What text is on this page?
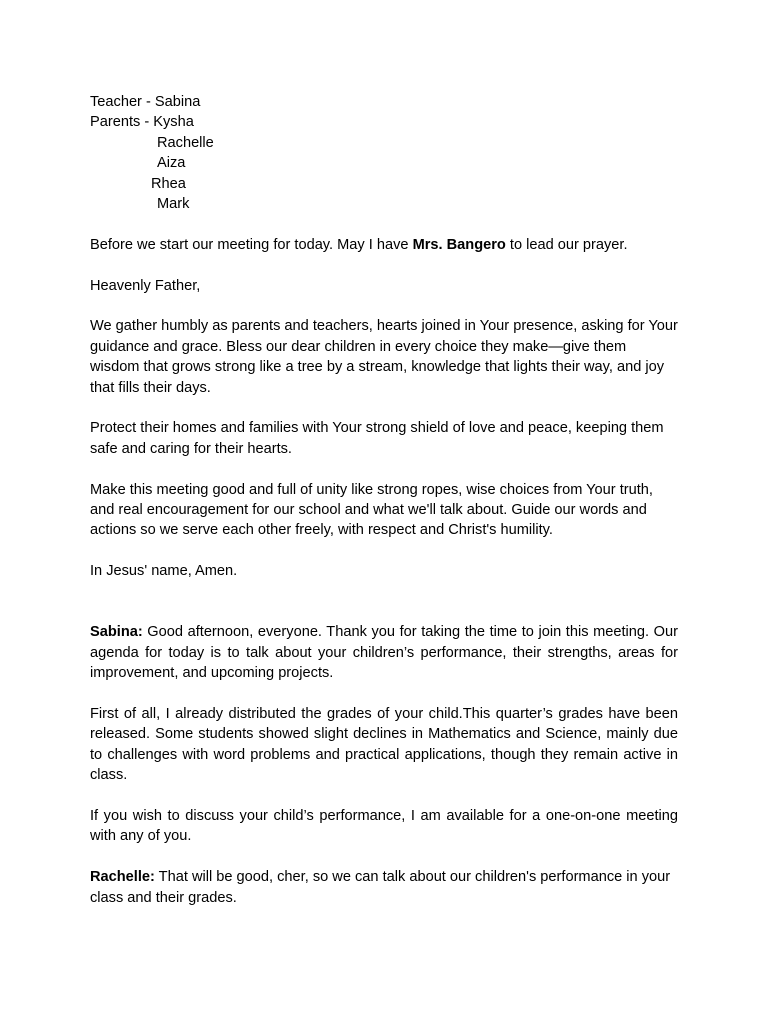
Teacher - Sabina
Parents - Kysha
Rachelle
Aiza
Rhea
Mark
Before we start our meeting for today. May I have Mrs. Bangero to lead our prayer.
Heavenly Father,
We gather humbly as parents and teachers, hearts joined in Your presence, asking for Your guidance and grace. Bless our dear children in every choice they make—give them wisdom that grows strong like a tree by a stream, knowledge that lights their way, and joy that fills their days.
Protect their homes and families with Your strong shield of love and peace, keeping them safe and caring for their hearts.
Make this meeting good and full of unity like strong ropes, wise choices from Your truth, and real encouragement for our school and what we'll talk about. Guide our words and actions so we serve each other freely, with respect and Christ's humility.
In Jesus' name, Amen.
Sabina: Good afternoon, everyone. Thank you for taking the time to join this meeting. Our agenda for today is to talk about your children’s performance, their strengths, areas for improvement, and upcoming projects.
First of all, I already distributed the grades of your child.This quarter’s grades have been released. Some students showed slight declines in Mathematics and Science, mainly due to challenges with word problems and practical applications, though they remain active in class.
If you wish to discuss your child’s performance, I am available for a one-on-one meeting with any of you.
Rachelle: That will be good, cher, so we can talk about our children's performance in your class and their grades.
